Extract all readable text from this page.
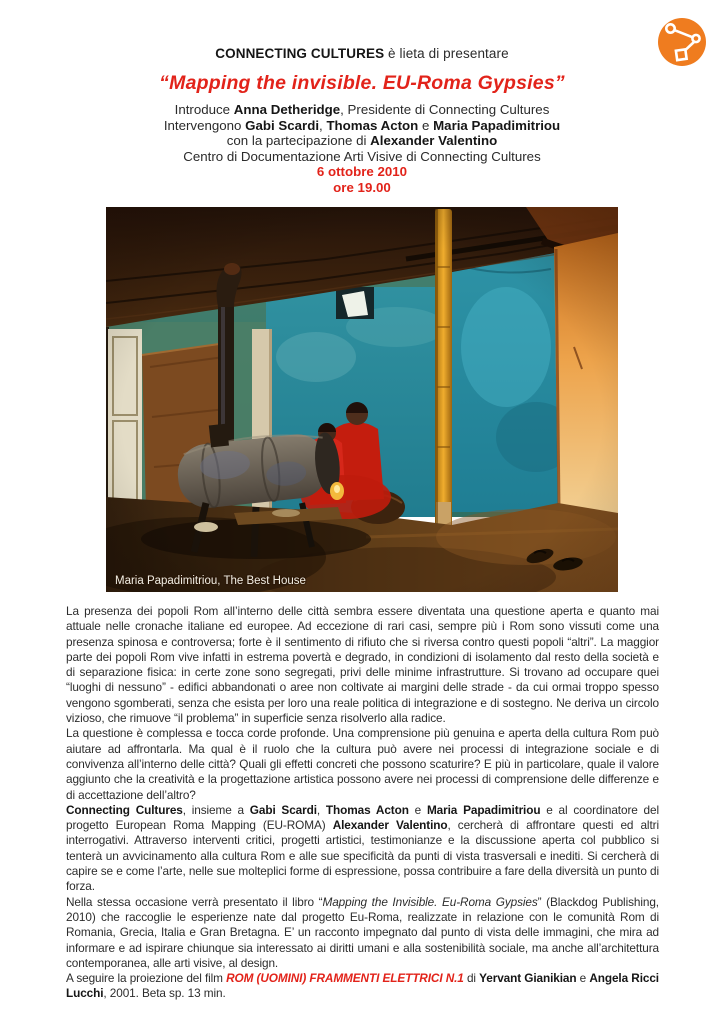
CONNECTING CULTURES è lieta di presentare
“Mapping the invisible. EU-Roma Gypsies”
Introduce Anna Detheridge, Presidente di Connecting Cultures
Intervengono Gabi Scardi, Thomas Acton e Maria Papadimitriou
con la partecipazione di Alexander Valentino
Centro di Documentazione Arti Visive di Connecting Cultures
6 ottobre 2010
ore 19.00
Maria Papadimitriou, The Best House

La presenza dei popoli Rom all’interno delle città sembra essere diventata una questione aperta e quanto mai attuale nelle cronache italiane ed europee. Ad eccezione di rari casi, sempre più i Rom sono vissuti come una presenza spinosa e controversa; forte è il sentimento di rifiuto che si riversa contro questi popoli “altri”. La maggior parte dei popoli Rom vive infatti in estrema povertà e degrado, in condizioni di isolamento dal resto della società e di separazione fisica: in certe zone sono segregati, privi delle minime infrastrutture. Si trovano ad occupare quei “luoghi di nessuno” - edifici abbandonati o aree non coltivate ai margini delle strade - da cui ormai troppo spesso vengono sgomberati, senza che esista per loro una reale politica di integrazione e di sostegno. Ne deriva un circolo vizioso, che rimuove “il problema” in superficie senza risolverlo alla radice.

La questione è complessa e tocca corde profonde. Una comprensione più genuina e aperta della cultura Rom può aiutare ad affrontarla. Ma qual è il ruolo che la cultura può avere nei processi di integrazione sociale e di convivenza all’interno delle città? Quali gli effetti concreti che possono scaturire? E più in particolare, quale il valore aggiunto che la creatività e la progettazione artistica possono avere nei processi di comprensione delle differenze e di accettazione dell’altro?

Connecting Cultures, insieme a Gabi Scardi, Thomas Acton e Maria Papadimitriou e al coordinatore del progetto European Roma Mapping (EU-ROMA) Alexander Valentino, cercherà di affrontare questi ed altri interrogativi. Attraverso interventi critici, progetti artistici, testimonianze e la discussione aperta col pubblico si tenterà un avvicinamento alla cultura Rom e alle sue specificità da punti di vista trasversali e inediti. Si cercherà di capire se e come l’arte, nelle sue molteplici forme di espressione, possa contribuire a fare della diversità un punto di forza.

Nella stessa occasione verrà presentato il libro “Mapping the Invisible. Eu-Roma Gypsies” (Blackdog Publishing, 2010) che raccoglie le esperienze nate dal progetto Eu-Roma, realizzate in relazione con le comunità Rom di Romania, Grecia, Italia e Gran Bretagna. E’ un racconto impegnato dal punto di vista delle immagini, che mira ad informare e ad ispirare chiunque sia interessato ai diritti umani e alla sostenibilità sociale, ma anche all’architettura contemporanea, alle arti visive, al design.

A seguire la proiezione del film ROM (UOMINI) FRAMMENTI ELETTRICI N.1 di Yervant Gianikian e Angela Ricci Lucchi, 2001. Beta sp. 13 min.
